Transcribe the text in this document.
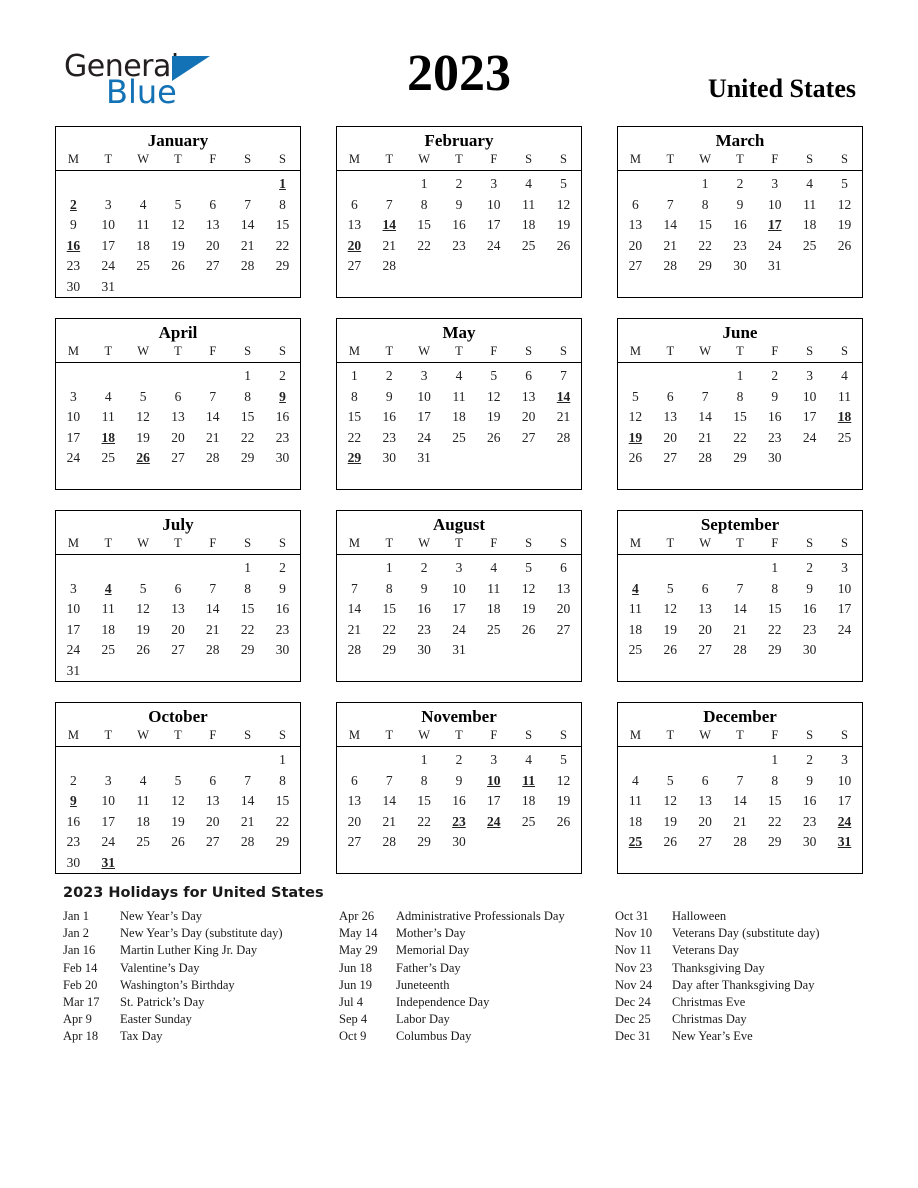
General
Blue	2023	United States
January
M	T	W	T	F	S	S
						1
2	3	4	5	6	7	8
9	10	11	12	13	14	15
16	17	18	19	20	21	22
23	24	25	26	27	28	29
30	31					
February
M	T	W	T	F	S	S
		1	2	3	4	5
6	7	8	9	10	11	12
13	14	15	16	17	18	19
20	21	22	23	24	25	26
27	28					

March
M	T	W	T	F	S	S
		1	2	3	4	5
6	7	8	9	10	11	12
13	14	15	16	17	18	19
20	21	22	23	24	25	26
27	28	29	30	31		

April
M	T	W	T	F	S	S
					1	2
3	4	5	6	7	8	9
10	11	12	13	14	15	16
17	18	19	20	21	22	23
24	25	26	27	28	29	30

May
M	T	W	T	F	S	S
1	2	3	4	5	6	7
8	9	10	11	12	13	14
15	16	17	18	19	20	21
22	23	24	25	26	27	28
29	30	31				

June
M	T	W	T	F	S	S
			1	2	3	4
5	6	7	8	9	10	11
12	13	14	15	16	17	18
19	20	21	22	23	24	25
26	27	28	29	30		

July
M	T	W	T	F	S	S
					1	2
3	4	5	6	7	8	9
10	11	12	13	14	15	16
17	18	19	20	21	22	23
24	25	26	27	28	29	30
31						
August
M	T	W	T	F	S	S
	1	2	3	4	5	6
7	8	9	10	11	12	13
14	15	16	17	18	19	20
21	22	23	24	25	26	27
28	29	30	31			

September
M	T	W	T	F	S	S
				1	2	3
4	5	6	7	8	9	10
11	12	13	14	15	16	17
18	19	20	21	22	23	24
25	26	27	28	29	30	

October
M	T	W	T	F	S	S
						1
2	3	4	5	6	7	8
9	10	11	12	13	14	15
16	17	18	19	20	21	22
23	24	25	26	27	28	29
30	31					
November
M	T	W	T	F	S	S
		1	2	3	4	5
6	7	8	9	10	11	12
13	14	15	16	17	18	19
20	21	22	23	24	25	26
27	28	29	30			

December
M	T	W	T	F	S	S
				1	2	3
4	5	6	7	8	9	10
11	12	13	14	15	16	17
18	19	20	21	22	23	24
25	26	27	28	29	30	31

2023 Holidays for United States
Jan 1	New Year’s Day
Jan 2	New Year’s Day (substitute day)
Jan 16	Martin Luther King Jr. Day
Feb 14	Valentine’s Day
Feb 20	Washington’s Birthday
Mar 17	St. Patrick’s Day
Apr 9	Easter Sunday
Apr 18	Tax Day
Apr 26	Administrative Professionals Day
May 14	Mother’s Day
May 29	Memorial Day
Jun 18	Father’s Day
Jun 19	Juneteenth
Jul 4	Independence Day
Sep 4	Labor Day
Oct 9	Columbus Day
Oct 31	Halloween
Nov 10	Veterans Day (substitute day)
Nov 11	Veterans Day
Nov 23	Thanksgiving Day
Nov 24	Day after Thanksgiving Day
Dec 24	Christmas Eve
Dec 25	Christmas Day
Dec 31	New Year’s Eve
